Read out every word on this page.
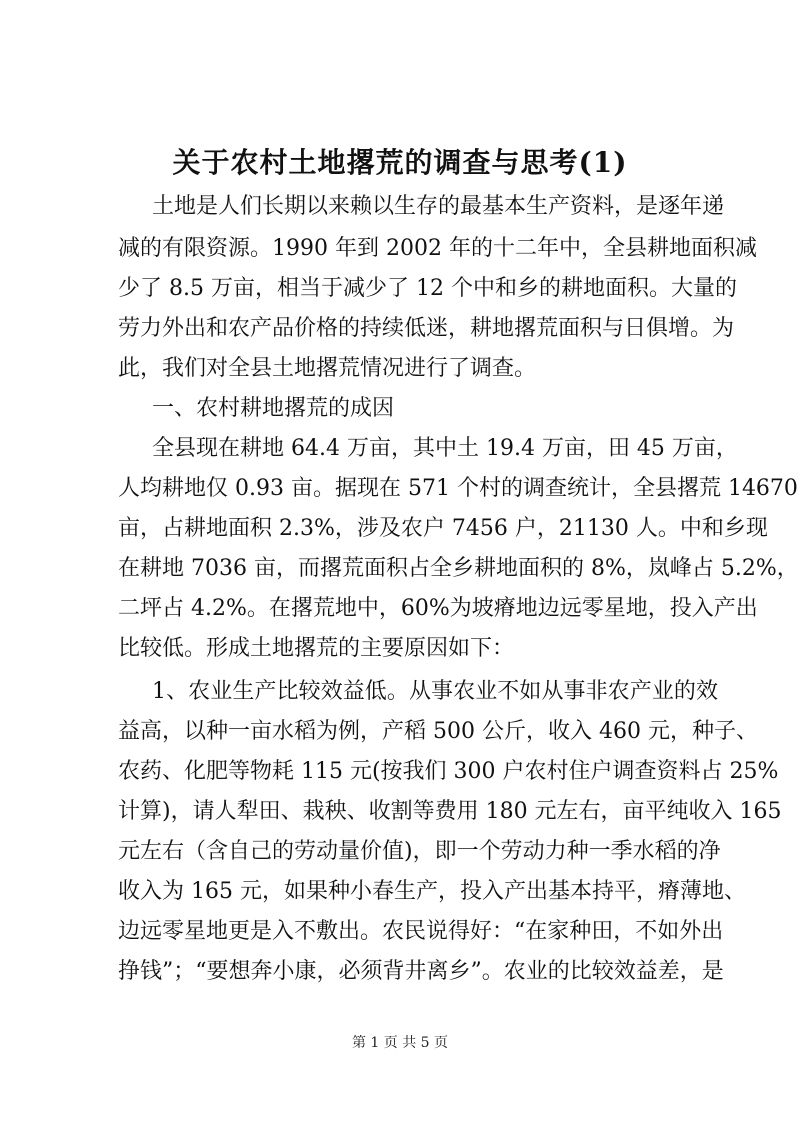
关于农村土地撂荒的调查与思考(1)

土地是人们长期以来赖以生存的最基本生产资料，是逐年递

减的有限资源。1990 年到 2002 年的十二年中，全县耕地面积减

少了 8.5 万亩，相当于减少了 12 个中和乡的耕地面积。大量的

劳力外出和农产品价格的持续低迷，耕地撂荒面积与日俱增。为

此，我们对全县土地撂荒情况进行了调查。

一、农村耕地撂荒的成因

全县现在耕地 64.4 万亩，其中土 19.4 万亩，田 45 万亩，

人均耕地仅 0.93 亩。据现在 571 个村的调查统计，全县撂荒 14670

亩，占耕地面积 2.3%，涉及农户 7456 户，21130 人。中和乡现

在耕地 7036 亩，而撂荒面积占全乡耕地面积的 8%，岚峰占 5.2%，

二坪占 4.2%。在撂荒地中，60%为坡瘠地边远零星地，投入产出

比较低。形成土地撂荒的主要原因如下：

1、农业生产比较效益低。从事农业不如从事非农产业的效

益高，以种一亩水稻为例，产稻 500 公斤，收入 460 元，种子、

农药、化肥等物耗 115 元(按我们 300 户农村住户调查资料占 25%

计算)，请人犁田、栽秧、收割等费用 180 元左右，亩平纯收入 165

元左右（含自己的劳动量价值)，即一个劳动力种一季水稻的净

收入为 165 元，如果种小春生产，投入产出基本持平，瘠薄地、

边远零星地更是入不敷出。农民说得好：“在家种田，不如外出

挣钱”；“要想奔小康，必须背井离乡”。农业的比较效益差，是

第 1 页 共 5 页
